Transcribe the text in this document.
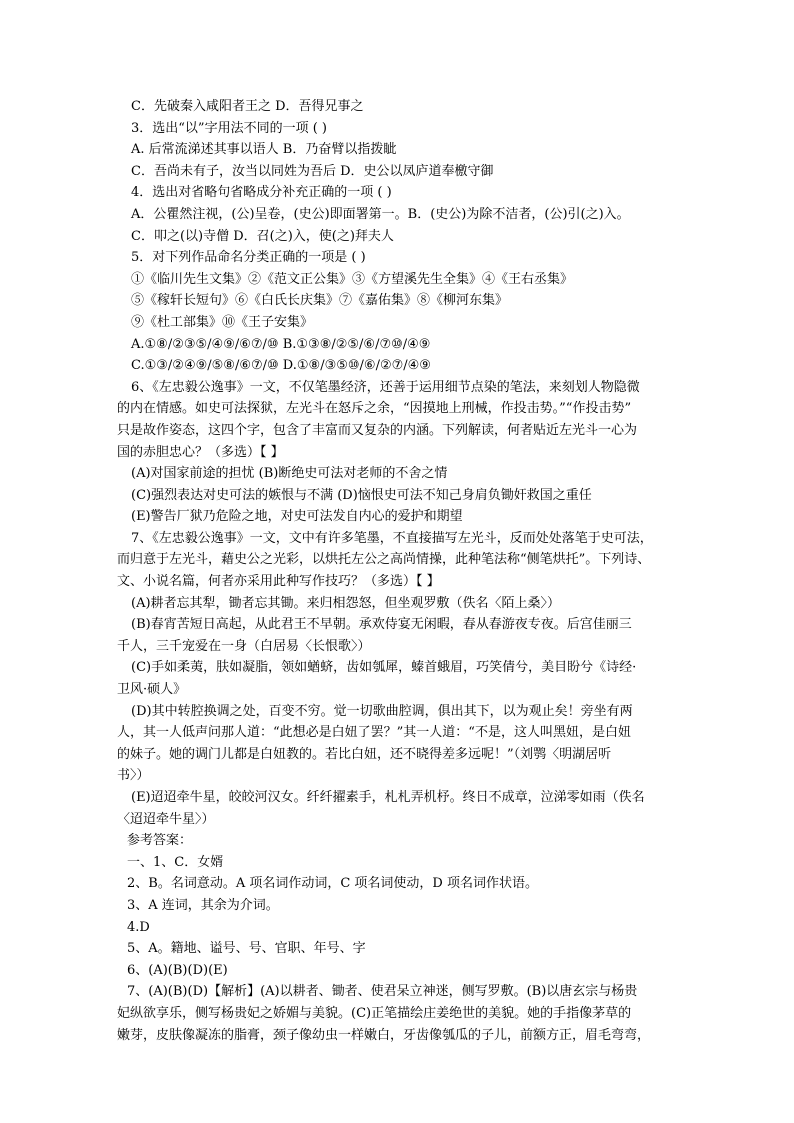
C．先破秦入咸阳者王之 D．吾得兄事之
3．选出“以”字用法不同的一项 ( )
A. 后常流涕述其事以语人 B．乃奋臂以指拨眦
C．吾尚未有子，汝当以同姓为吾后 D．史公以凤庐道奉檄守御
4．选出对省略句省略成分补充正确的一项 ( )
A．公瞿然注视，(公)呈卷，(史公)即面署第一。B．(史公)为除不洁者，(公)引(之)入。
C．叩之(以)寺僧 D．召(之)入，使(之)拜夫人
5．对下列作品命名分类正确的一项是 ( )
①《临川先生文集》②《范文正公集》③《方望溪先生全集》④《王右丞集》
⑤《稼轩长短句》⑥《白氏长庆集》⑦《嘉佑集》⑧《柳河东集》
⑨《杜工部集》⑩《王子安集》
A.①⑧/②③⑤/④⑨/⑥⑦/⑩ B.①③⑧/②⑤/⑥/⑦⑩/④⑨
C.①③/②④⑨/⑤⑧/⑥⑦/⑩ D.①⑧/③⑤⑩/⑥/②⑦/④⑨
6、《左忠毅公逸事》一文，不仅笔墨经济，还善于运用细节点染的笔法，来刻划人物隐微
的内在情感。如史可法探狱，左光斗在怒斥之余，“因摸地上刑械，作投击势。”“作投击势”
只是故作姿态，这四个字，包含了丰富而又复杂的内涵。下列解读，何者贴近左光斗一心为
国的赤胆忠心？（多选）【 】
(A)对国家前途的担忧 (B)断绝史可法对老师的不舍之情
(C)强烈表达对史可法的嫉恨与不满 (D)恼恨史可法不知己身肩负锄奸救国之重任
(E)警告厂狱乃危险之地，对史可法发自内心的爱护和期望
7、《左忠毅公逸事》一文，文中有许多笔墨，不直接描写左光斗，反而处处落笔于史可法，
而归意于左光斗，藉史公之光彩，以烘托左公之高尚情操，此种笔法称“侧笔烘托”。下列诗、
文、小说名篇，何者亦采用此种写作技巧？（多选）【 】
(A)耕者忘其犁，锄者忘其锄。来归相怨怒，但坐观罗敷（佚名〈陌上桑〉）
(B)春宵苦短日高起，从此君王不早朝。承欢侍宴无闲暇，春从春游夜专夜。后宫佳丽三
千人，三千宠爱在一身（白居易〈长恨歌〉）
(C)手如柔荑，肤如凝脂，领如蝤蛴，齿如瓠犀，螓首蛾眉，巧笑倩兮，美目盼兮《诗经·
卫风·硕人》
(D)其中转腔换调之处，百变不穷。觉一切歌曲腔调，俱出其下，以为观止矣！旁坐有两
人，其一人低声问那人道：“此想必是白妞了罢？”其一人道：“不是，这人叫黑妞，是白妞
的妹子。她的调门儿都是白妞教的。若比白妞，还不晓得差多远呢！”（刘鹗〈明湖居听
书〉）
(E)迢迢牵牛星，皎皎河汉女。纤纤擢素手，札札弄机杼。终日不成章，泣涕零如雨（佚名
〈迢迢牵牛星〉）
参考答案：
一、1、C．女婿
2、B。名词意动。A 项名词作动词，C 项名词使动，D 项名词作状语。
3、A 连词，其余为介词。
4.D
5、A。籍地、谥号、号、官职、年号、字
6、(A)(B)(D)(E)
7、(A)(B)(D)【解析】(A)以耕者、锄者、使君呆立神迷，侧写罗敷。(B)以唐玄宗与杨贵
妃纵欲享乐，侧写杨贵妃之娇媚与美貌。(C)正笔描绘庄姜绝世的美貌。她的手指像茅草的
嫩芽，皮肤像凝冻的脂膏，颈子像幼虫一样嫩白，牙齿像瓠瓜的子儿，前额方正，眉毛弯弯，
